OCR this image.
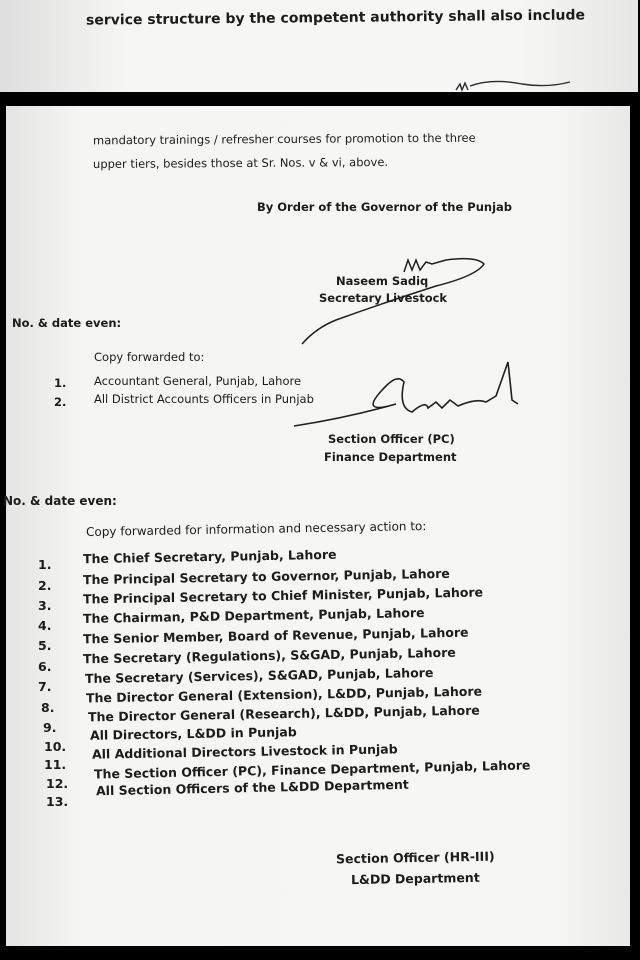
service structure by the competent authority shall also include
mandatory trainings / refresher courses for promotion to the three
upper tiers, besides those at Sr. Nos. v & vi, above.
By Order of the Governor of the Punjab
Naseem Sadiq
Secretary Livestock
No. & date even:
Copy forwarded to:
1. Accountant General, Punjab, Lahore
2. All District Accounts Officers in Punjab
Section Officer (PC)
Finance Department
No. & date even:
Copy forwarded for information and necessary action to:
1.	The Chief Secretary, Punjab, Lahore
2.	The Principal Secretary to Governor, Punjab, Lahore
3.	The Principal Secretary to Chief Minister, Punjab, Lahore
4.	The Chairman, P&D Department, Punjab, Lahore
5.	The Senior Member, Board of Revenue, Punjab, Lahore
6.
The Secretary (Regulations), S&GAD, Punjab, Lahore
7.
The Secretary (Services), S&GAD, Punjab, Lahore
8.
The Director General (Extension), L&DD, Punjab, Lahore
9.
The Director General (Research), L&DD, Punjab, Lahore
10.
All Directors, L&DD in Punjab
11.
All Additional Directors Livestock in Punjab
12.
The Section Officer (PC), Finance Department, Punjab, Lahore
13.
All Section Officers of the L&DD Department
Section Officer (HR-III)
L&DD Department
